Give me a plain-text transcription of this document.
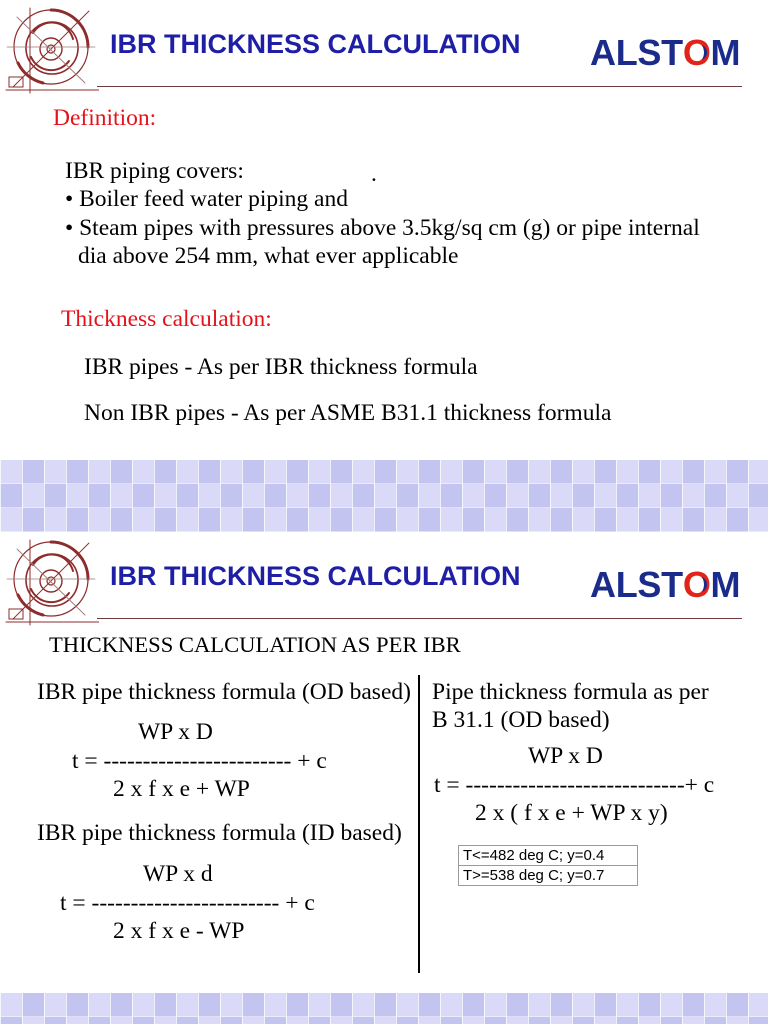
IBR THICKNESS CALCULATION ALSTOM

Definition:

IBR piping covers:	.

• Boiler feed water piping and

• Steam pipes with pressures above 3.5kg/sq cm (g) or pipe internal

dia above 254 mm, what ever applicable

Thickness calculation:

IBR pipes - As per IBR thickness formula

Non IBR pipes - As per ASME B31.1 thickness formula

IBR THICKNESS CALCULATION ALSTOM

THICKNESS CALCULATION AS PER IBR

IBR pipe thickness formula (OD based)

WP x D

t = ------------------------ + c

2 x f x e + WP

IBR pipe thickness formula (ID based)

WP x d

t = ------------------------ + c

2 x f x e - WP

Pipe thickness formula as per

B 31.1 (OD based)

WP x D

t = ----------------------------+ c

2 x ( f x e + WP x y)

T<=482 deg C; y=0.4
T>=538 deg C; y=0.7
